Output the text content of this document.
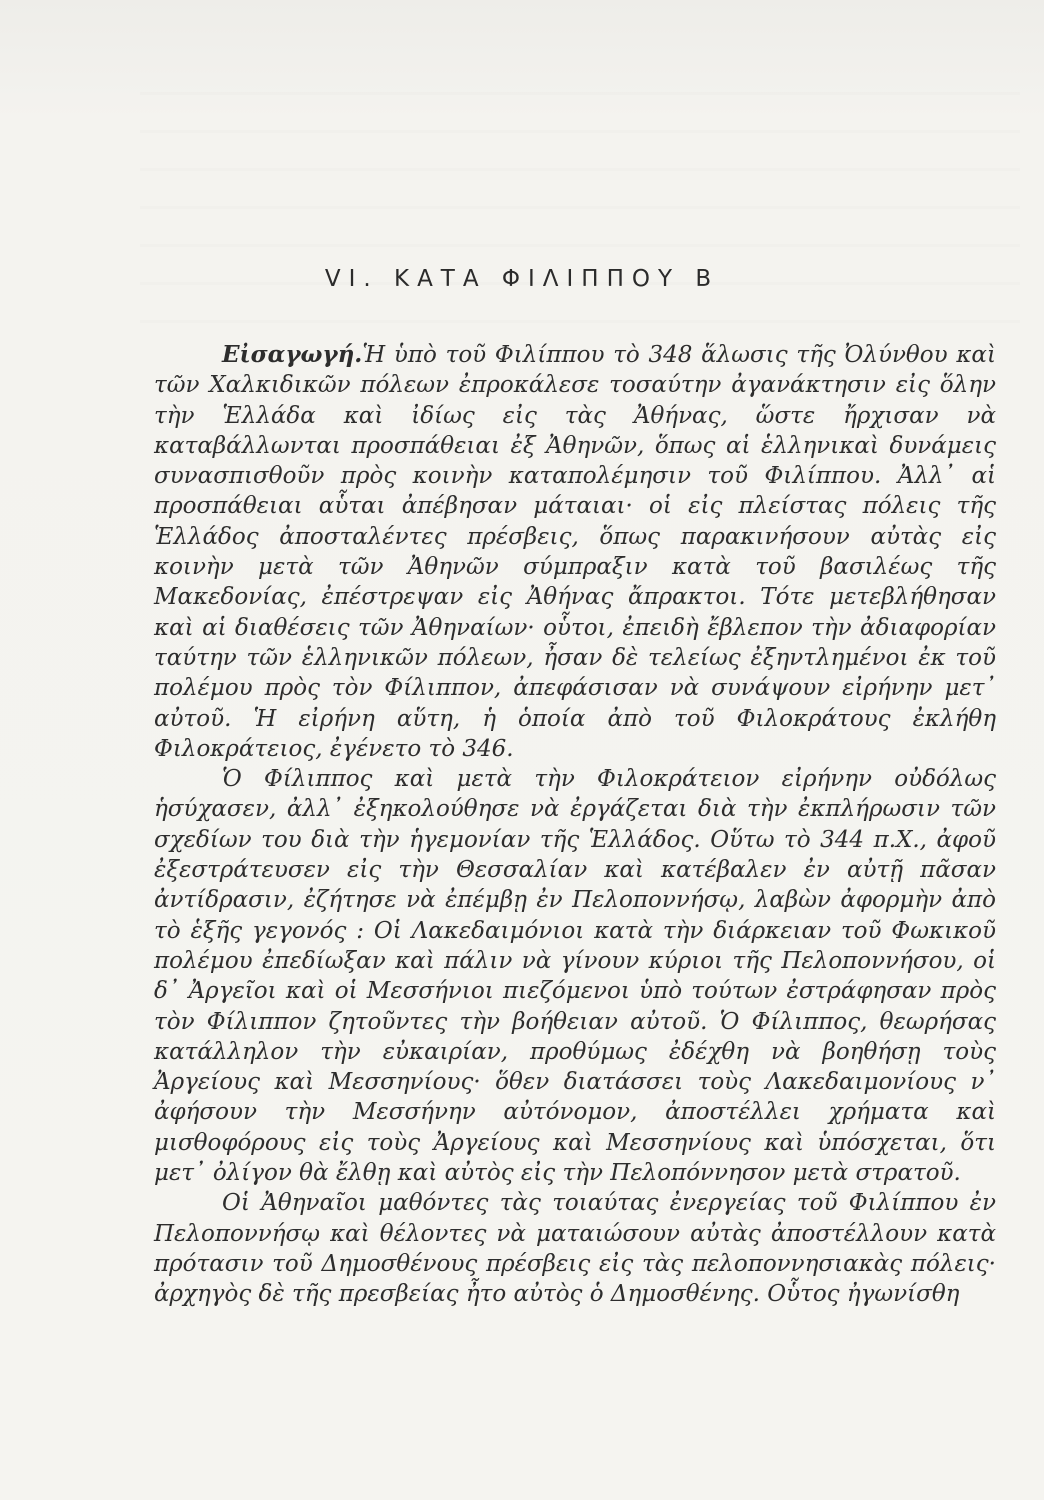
VI. ΚΑΤΑ ΦΙΛΙΠΠΟΥ Β

Εἰσαγωγή.Ἡ ὑπὸ τοῦ Φιλίππου τὸ 348 ἅλωσις τῆς Ὀλύνθου καὶ τῶν Χαλκιδικῶν πόλεων ἐπροκάλεσε τοσαύτην ἀγανάκτησιν εἰς ὅλην τὴν Ἑλλάδα καὶ ἰδίως εἰς τὰς Ἀθήνας, ὥστε ἤρχισαν νὰ καταβάλλωνται προσπάθειαι ἐξ Ἀθηνῶν, ὅπως αἱ ἑλληνικαὶ δυνάμεις συνασπισθοῦν πρὸς κοινὴν καταπολέμησιν τοῦ Φιλίππου. Ἀλλ᾽ αἱ προσπάθειαι αὗται ἀπέβησαν μάταιαι· οἱ εἰς πλείστας πόλεις τῆς Ἑλλάδος ἀποσταλέντες πρέσβεις, ὅπως παρακινήσουν αὐτὰς εἰς κοινὴν μετὰ τῶν Ἀθηνῶν σύμπραξιν κατὰ τοῦ βασιλέως τῆς Μακεδονίας, ἐπέστρεψαν εἰς Ἀθήνας ἄπρακτοι. Τότε μετεβλήθησαν καὶ αἱ διαθέσεις τῶν Ἀθηναίων· οὗτοι, ἐπειδὴ ἔβλεπον τὴν ἀδιαφορίαν ταύτην τῶν ἑλληνικῶν πόλεων, ἦσαν δὲ τελείως ἐξηντλημένοι ἐκ τοῦ πολέμου πρὸς τὸν Φίλιππον, ἀπεφάσισαν νὰ συνάψουν εἰρήνην μετ᾽ αὐτοῦ. Ἡ εἰρήνη αὕτη, ἡ ὁποία ἀπὸ τοῦ Φιλοκράτους ἐκλήθη Φιλοκράτειος, ἐγένετο τὸ 346.

Ὁ Φίλιππος καὶ μετὰ τὴν Φιλοκράτειον εἰρήνην οὐδόλως ἡσύχασεν, ἀλλ᾽ ἐξηκολούθησε νὰ ἐργάζεται διὰ τὴν ἐκπλήρωσιν τῶν σχεδίων του διὰ τὴν ἡγεμονίαν τῆς Ἑλλάδος. Οὕτω τὸ 344 π.Χ., ἀφοῦ ἐξεστράτευσεν εἰς τὴν Θεσσαλίαν καὶ κατέβαλεν ἐν αὐτῇ πᾶσαν ἀντίδρασιν, ἐζήτησε νὰ ἐπέμβῃ ἐν Πελοποννήσῳ, λαβὼν ἀφορμὴν ἀπὸ τὸ ἑξῆς γεγονός : Οἱ Λακεδαιμόνιοι κατὰ τὴν διάρκειαν τοῦ Φωκικοῦ πολέμου ἐπεδίωξαν καὶ πάλιν νὰ γίνουν κύριοι τῆς Πελοποννήσου, οἱ δ᾽ Ἀργεῖοι καὶ οἱ Μεσσήνιοι πιεζόμενοι ὑπὸ τούτων ἐστράφησαν πρὸς τὸν Φίλιππον ζητοῦντες τὴν βοήθειαν αὐτοῦ. Ὁ Φίλιππος, θεωρήσας κατάλληλον τὴν εὐκαιρίαν, προθύμως ἐδέχθη νὰ βοηθήσῃ τοὺς Ἀργείους καὶ Μεσσηνίους· ὅθεν διατάσσει τοὺς Λακεδαιμονίους ν᾽ ἀφήσουν τὴν Μεσσήνην αὐτόνομον, ἀποστέλλει χρήματα καὶ μισθοφόρους εἰς τοὺς Ἀργείους καὶ Μεσσηνίους καὶ ὑπόσχεται, ὅτι μετ᾽ ὀλίγον θὰ ἔλθῃ καὶ αὐτὸς εἰς τὴν Πελοπόννησον μετὰ στρατοῦ.

Οἱ Ἀθηναῖοι μαθόντες τὰς τοιαύτας ἐνεργείας τοῦ Φιλίππου ἐν Πελοποννήσῳ καὶ θέλοντες νὰ ματαιώσουν αὐτὰς ἀποστέλλουν κατὰ πρότασιν τοῦ Δημοσθένους πρέσβεις εἰς τὰς πελοποννησιακὰς πόλεις· ἀρχηγὸς δὲ τῆς πρεσβείας ἦτο αὐτὸς ὁ Δημοσθένης. Οὗτος ἠγωνίσθη
